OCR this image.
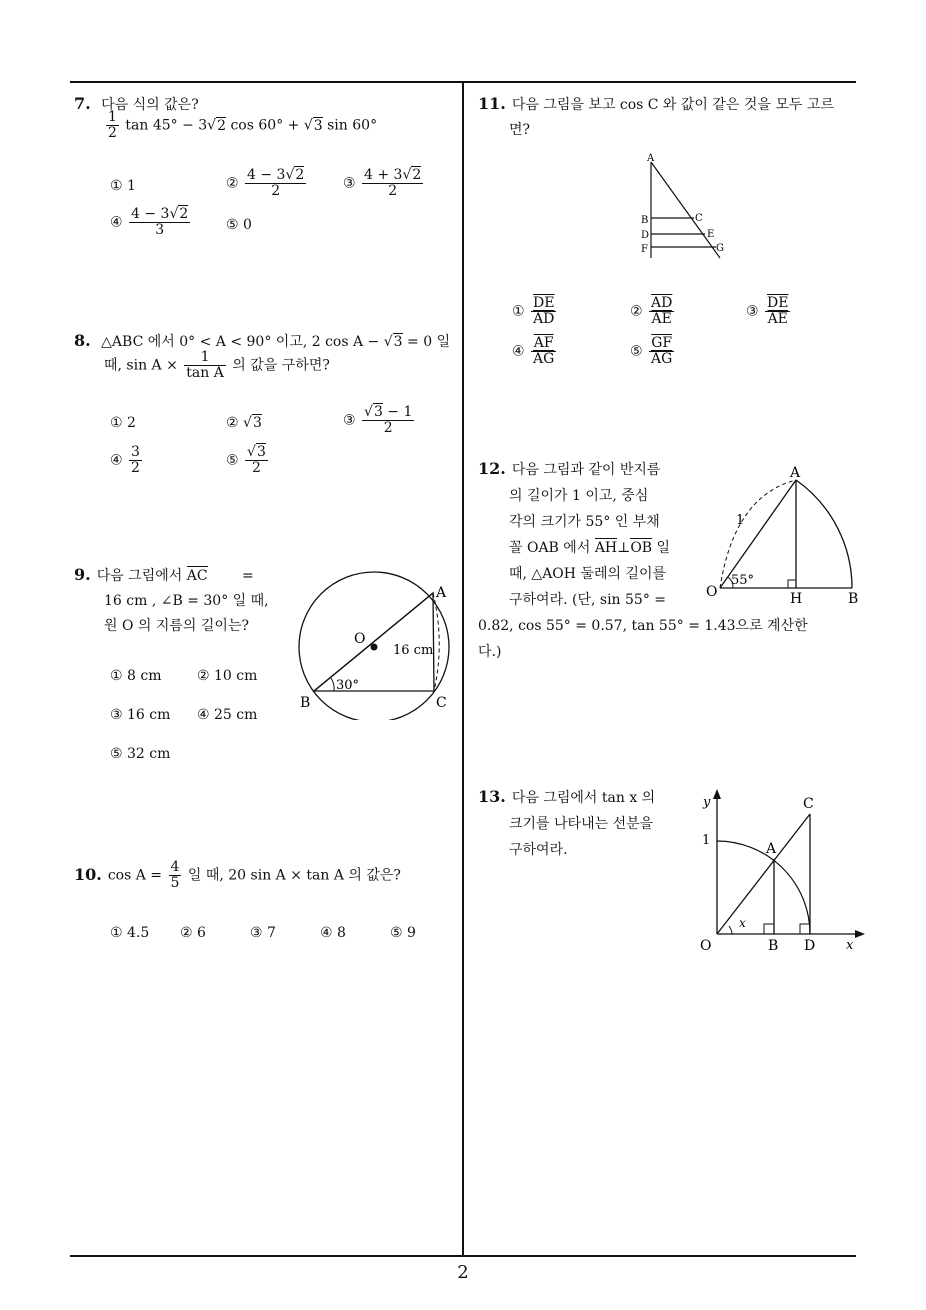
2
7. 다음 식의 값은?
$\frac{1}{2}$ tan 45° − 3√2 cos 60° + √3 sin 60°
① 1	② $\frac{4 - 3√2}{2}$	③ $\frac{4 + 3√2}{2}$
④ $\frac{4 - 3√2}{3}$	⑤ 0
8. △ABC 에서 0° < A < 90° 이고, 2 cos A − √3 = 0 일
때, $\sin A \times \frac{1}{\text{tan A}}$ 의 값을 구하면?
① 2	② √3	③ $\frac{√3 - 1}{2}$
④ $\frac{3}{2}$	⑤ $\frac{√3}{2}$
9. 다음 그림에서 AC =
16 cm , ∠B = 30° 일 때,
원 O 의 지름의 길이는?
① 8 cm	② 10 cm
③ 16 cm ④ 25 cm
⑤ 32 cm
A
B	C
O
16 cm
30°
10. $\cos A = \frac{4}{5}$ 일 때, 20 sin A × tan A 의 값은?
① 4.5 ② 6	③ 7	④ 8	⑤ 9
11. 다음 그림을 보고 cos C 와 값이 같은 것을 모두 고르
면?
A
B	C
D	E
F	G
① $\frac{\overline{DE}}{AD}$	② $\frac{\overline{AD}}{AE}$	③ $\frac{\overline{DE}}{AE}$
④ $\frac{\overline{AF}}{AG}$	⑤ $\frac{\overline{GF}}{AG}$
12. 다음 그림과 같이 반지름
의 길이가 1 이고, 중심
각의 크기가 55° 인 부채
꼴 OAB 에서 AH⊥OB 일
때, △AOH 둘레의 길이를
구하여라. (단, sin 55° =
0.82, cos 55° = 0.57, tan 55° = 1.43으로 계산한
다.)
A
O	H	B
1
55°
13. 다음 그림에서 tan x 의
크기를 나타내는 선분을
구하여라.
y
x
1
C
A
O	B D
x
